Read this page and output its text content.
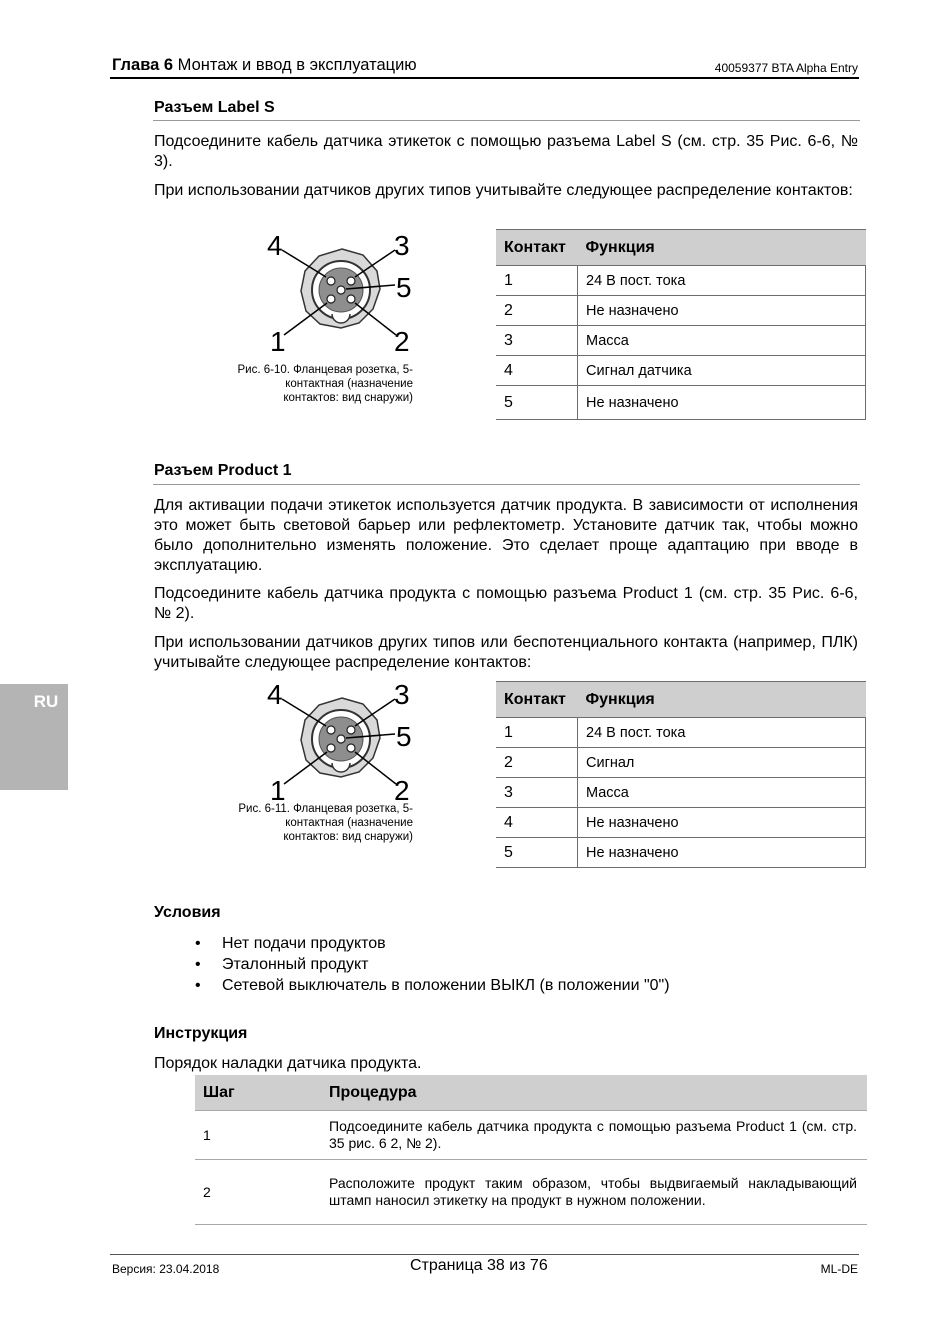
Глава 6 Монтаж и ввод в эксплуатацию	40059377 BTA Alpha Entry
RU
Разъем Label S
Подсоедините кабель датчика этикеток с помощью разъема Label S (см. стр. 35 Рис. 6-6, № 3).
При использовании датчиков других типов учитывайте следующее распределение контактов:
4	3
5
1	2
Рис. 6-10. Фланцевая розетка, 5-
контактная (назначение
контактов: вид снаружи)
Контакт	Функция
1	24 В пост. тока
2	Не назначено
3	Масса
4	Сигнал датчика
5	Не назначено
Разъем Product 1
Для активации подачи этикеток используется датчик продукта. В зависимости от исполнения это может быть световой барьер или рефлектометр. Установите датчик так, чтобы можно было дополнительно изменять положение. Это сделает проще адаптацию при вводе в эксплуатацию.
Подсоедините кабель датчика продукта с помощью разъема Product 1 (см. стр. 35 Рис. 6-6, № 2).
При использовании датчиков других типов или беспотенциального контакта (например, ПЛК) учитывайте следующее распределение контактов:
4	3
5
1	2
Рис. 6-11. Фланцевая розетка, 5-
контактная (назначение
контактов: вид снаружи)
Контакт	Функция
1	24 В пост. тока
2	Сигнал
3	Масса
4	Не назначено
5	Не назначено
Условия
• Нет подачи продуктов
• Эталонный продукт
• Сетевой выключатель в положении ВЫКЛ (в положении "0")
Инструкция
Порядок наладки датчика продукта.
Шаг	Процедура
1	Подсоедините кабель датчика продукта с помощью разъема Product 1 (см. стр. 35 рис. 6 2, № 2).
2	Расположите продукт таким образом, чтобы выдвигаемый накладывающий штамп наносил этикетку на продукт в нужном положении.
Версия: 23.04.2018	Страница 38 из 76	ML-DE
